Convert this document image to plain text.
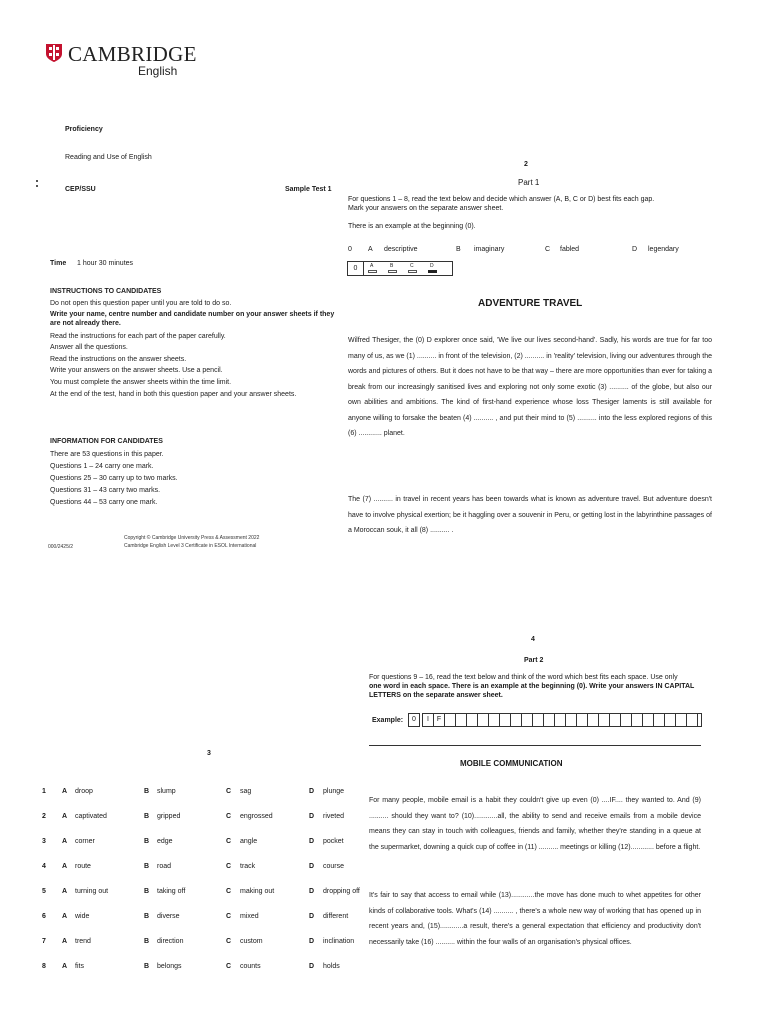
CAMBRIDGE
English
Proficiency
Reading and Use of English
CEP/SSU	Sample Test 1
Time 1 hour 30 minutes
INSTRUCTIONS TO CANDIDATES
Do not open this question paper until you are told to do so.
Write your name, centre number and candidate number on your answer sheets if they
are not already there.
Read the instructions for each part of the paper carefully.
Answer all the questions.
Read the instructions on the answer sheets.
Write your answers on the answer sheets. Use a pencil.
You must complete the answer sheets within the time limit.
At the end of the test, hand in both this question paper and your answer sheets.
INFORMATION FOR CANDIDATES
There are 53 questions in this paper.
Questions 1 – 24 carry one mark.
Questions 25 – 30 carry up to two marks.
Questions 31 – 43 carry two marks.
Questions 44 – 53 carry one mark.
Copyright © Cambridge University Press & Assessment 2022
Cambridge English Level 3 Certificate in ESOL International
000/2425/2
2
Part 1
For questions 1 – 8, read the text below and decide which answer (A, B, C or D) best fits each gap.
Mark your answers on the separate answer sheet.
There is an example at the beginning (0).
0 A descriptive	B imaginary	C fabled	D legendary
0	A	B	C	D
ADVENTURE TRAVEL
Wilfred Thesiger, the (0) D explorer once said, 'We live our lives second-hand'. Sadly, his words are true for far too many of us, as we (1) .......... in front of the television, (2) .......... in 'reality' television, living our adventures through the words and pictures of others. But it does not have to be that way – there are more opportunities than ever for taking a break from our increasingly sanitised lives and exploring not only some exotic (3) .......... of the globe, but also our own abilities and ambitions. The kind of first-hand experience whose loss Thesiger laments is still available for anyone willing to forsake the beaten (4) .......... , and put their mind to (5) .......... into the less explored regions of this (6) ............ planet.
The (7) .......... in travel in recent years has been towards what is known as adventure travel. But adventure doesn't have to involve physical exertion; be it haggling over a souvenir in Peru, or getting lost in the labyrinthine passages of a Moroccan souk, it all (8) .......... .
3
1 A droop	B slump	C sag	D plunge
2 A captivated	B gripped	C engrossed	D riveted
3 A corner	B edge	C angle	D pocket
4 A route	B road	C track	D course
5 A turning out	B taking off	C making out	D dropping off
6 A wide	B diverse	C mixed	D different
7 A trend	B direction	C custom	D inclination
8 A fits	B belongs	C counts	D holds
4
Part 2
For questions 9 – 16, read the text below and think of the word which best fits each space. Use only
one word in each space. There is an example at the beginning (0). Write your answers IN CAPITAL
LETTERS on the separate answer sheet.
Example:	0	I	F
MOBILE COMMUNICATION
For many people, mobile email is a habit they couldn't give up even (0) ....IF.... they wanted to. And (9) .......... should they want to? (10)............all, the ability to send and receive emails from a mobile device means they can stay in touch with colleagues, friends and family, whether they're standing in a queue at the supermarket, downing a quick cup of coffee in (11) .......... meetings or killing (12)............ before a flight.
It's fair to say that access to email while (13)............the move has done much to whet appetites for other kinds of collaborative tools. What's (14) .......... , there's a whole new way of working that has opened up in recent years and, (15)............a result, there's a general expectation that efficiency and productivity don't necessarily take (16) .......... within the four walls of an organisation's physical offices.
